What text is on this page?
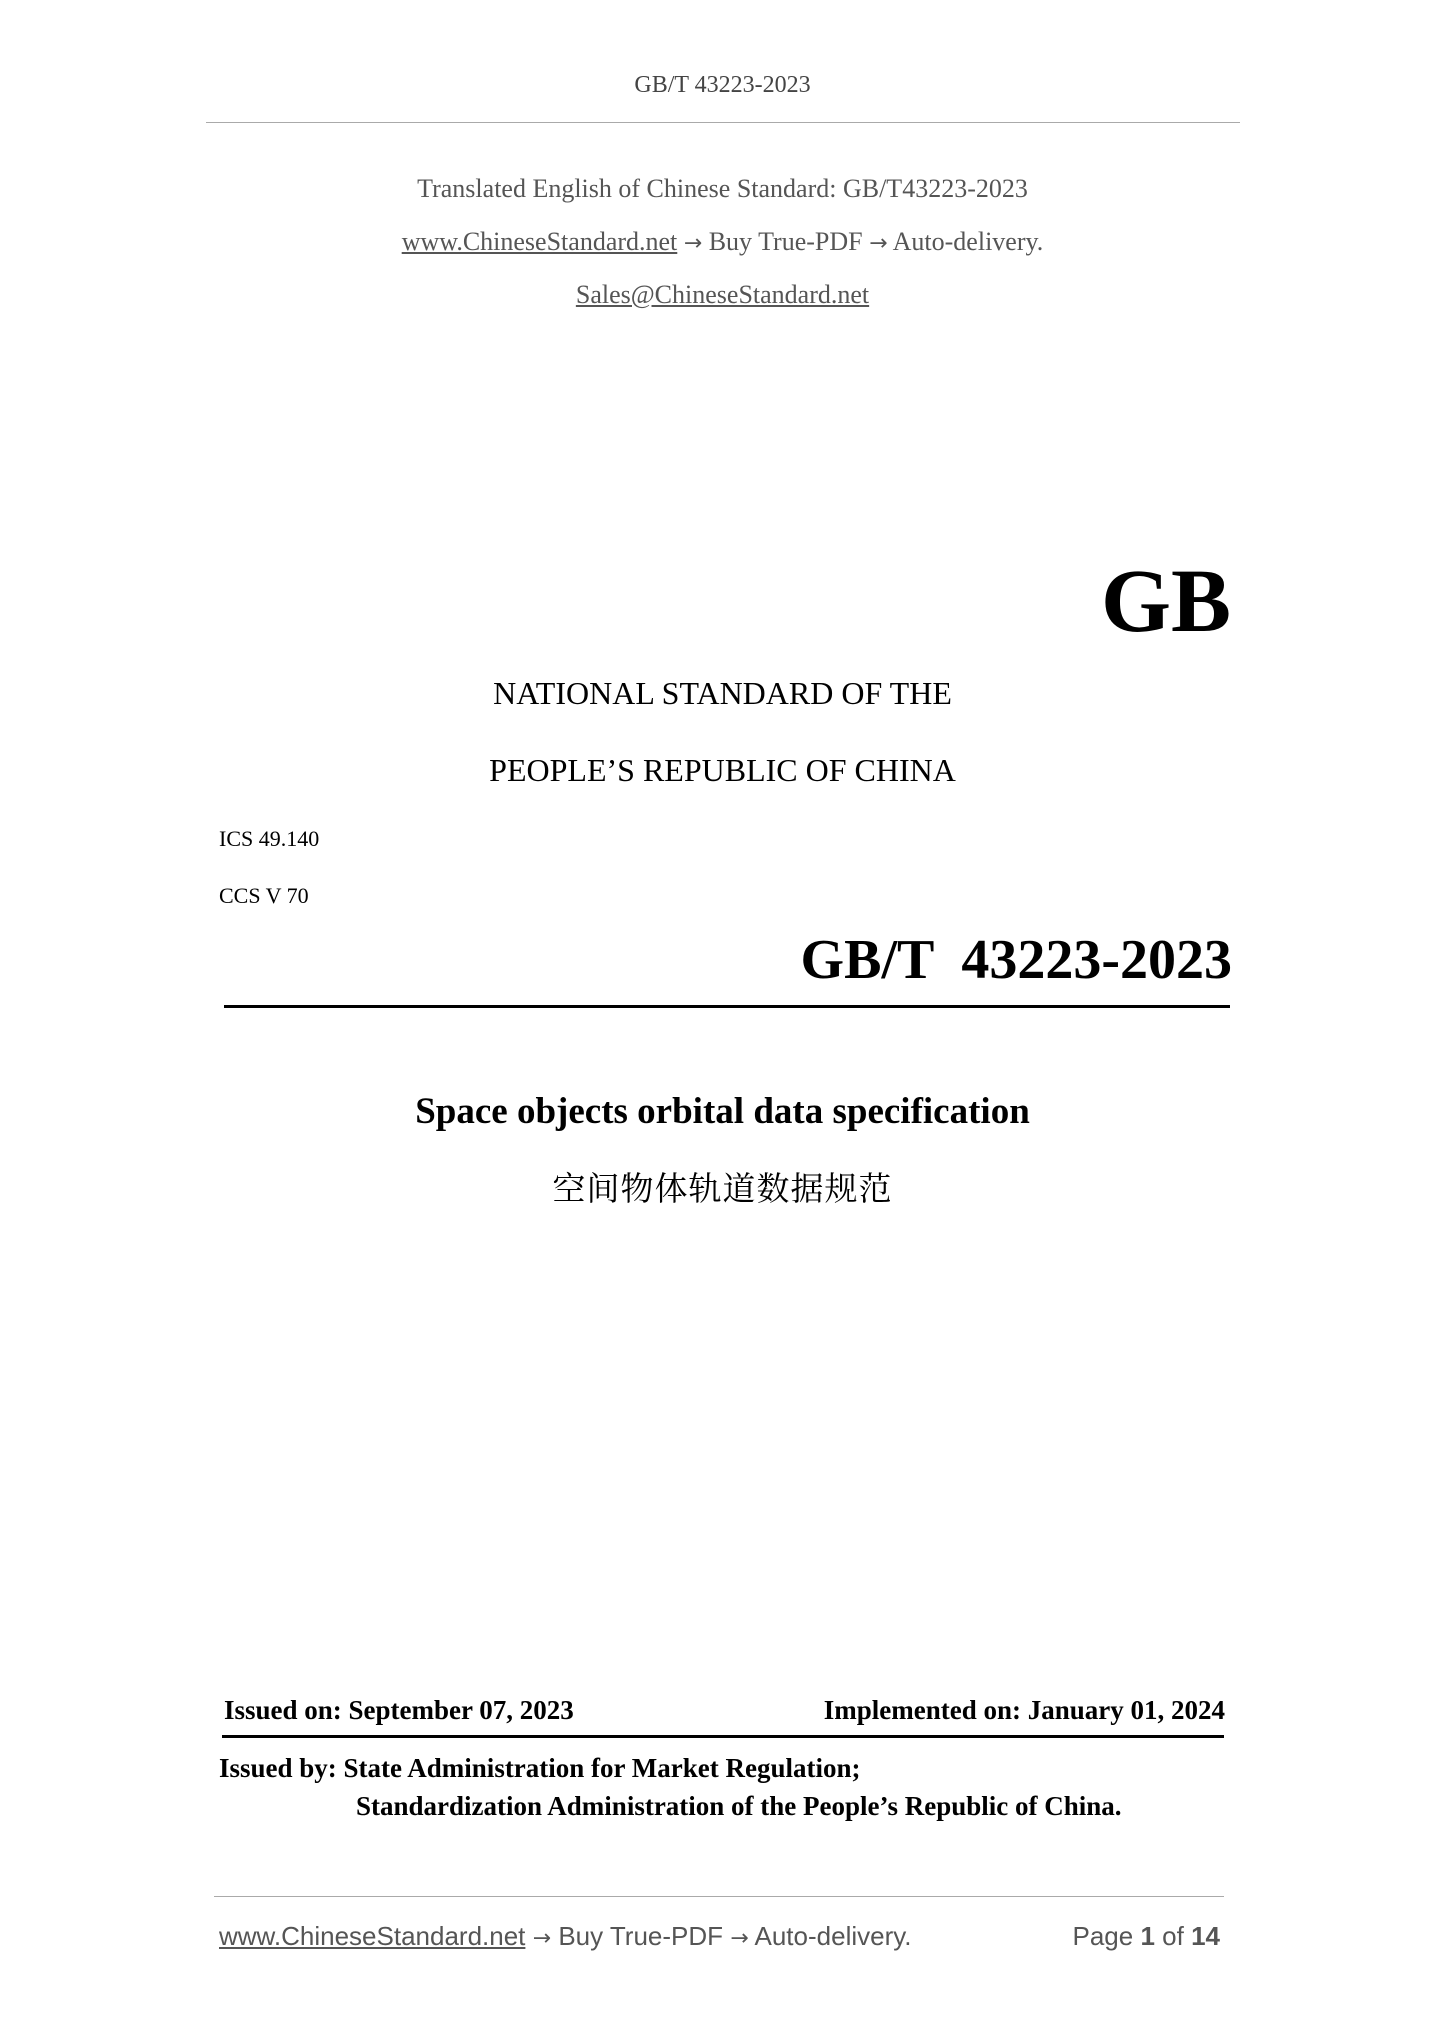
GB/T 43223-2023
Translated English of Chinese Standard: GB/T43223-2023
www.ChineseStandard.net → Buy True-PDF → Auto-delivery.
Sales@ChineseStandard.net
GB
NATIONAL STANDARD OF THE
PEOPLE’S REPUBLIC OF CHINA
ICS 49.140
CCS V 70
GB/T  43223-2023
Space objects orbital data specification
空间物体轨道数据规范
Issued on: September 07, 2023	Implemented on: January 01, 2024
Issued by: State Administration for Market Regulation;
Standardization Administration of the People’s Republic of China.
www.ChineseStandard.net → Buy True-PDF → Auto-delivery.	Page 1 of 14
